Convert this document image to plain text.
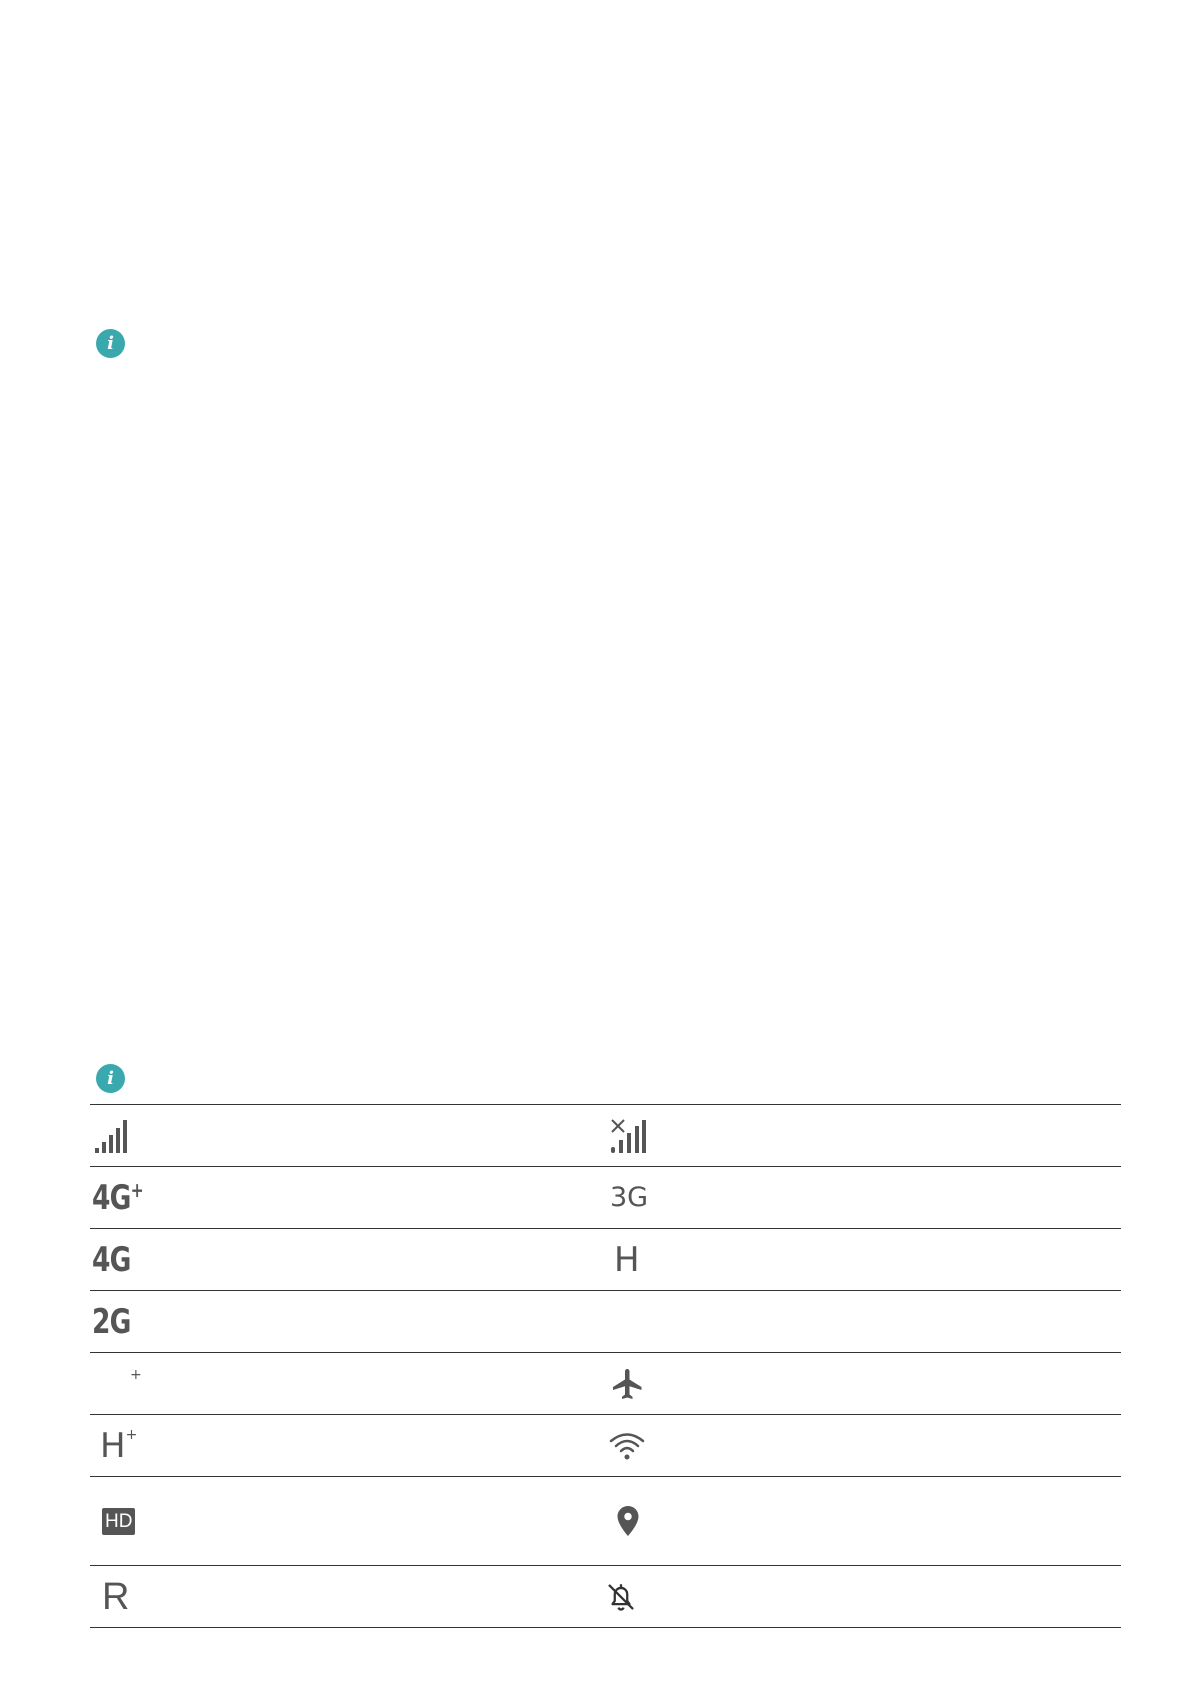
i
i
4G+	3G
4G	H
2G
+
H+
HD
R
